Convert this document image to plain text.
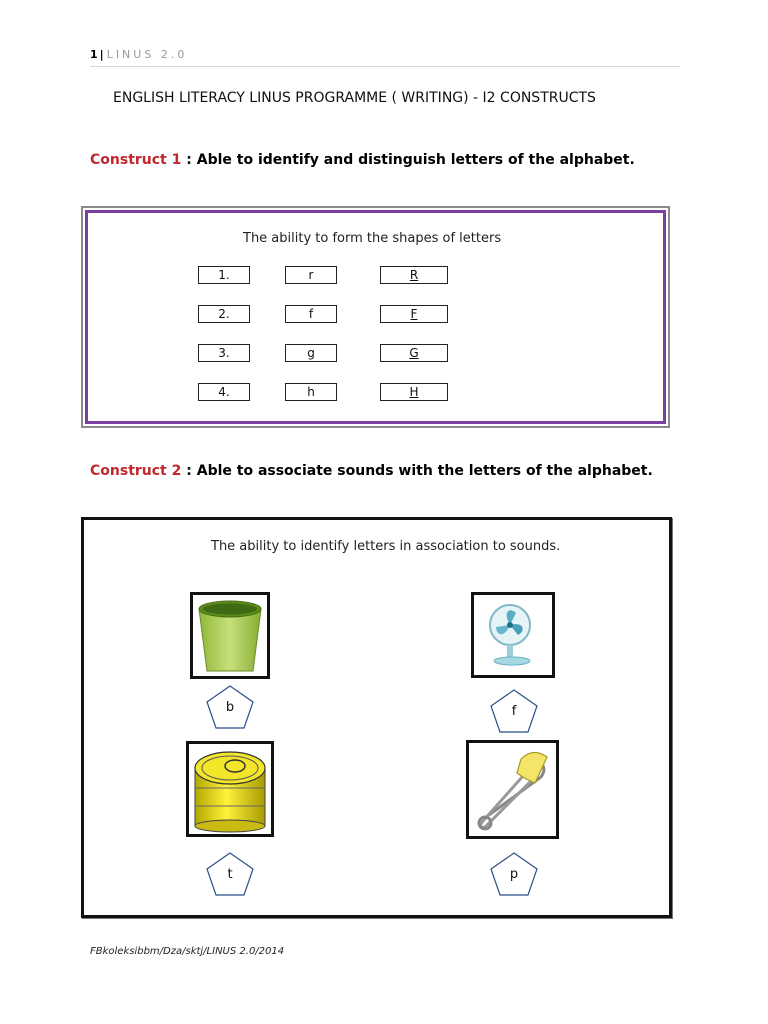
1| LINUS 2.0
ENGLISH LITERACY LINUS PROGRAMME ( WRITING) - I2 CONSTRUCTS
Construct 1 : Able to identify and distinguish letters of the alphabet.
The ability to form the shapes of letters
1.	r	R
2.	f	F
3.	g	G
4.	h	H
Construct 2 : Able to associate sounds with the letters of the alphabet.
The ability to identify letters in association to sounds.
b	f
t	p
FBkoleksibbm/Dza/sktj/LINUS 2.0/2014
